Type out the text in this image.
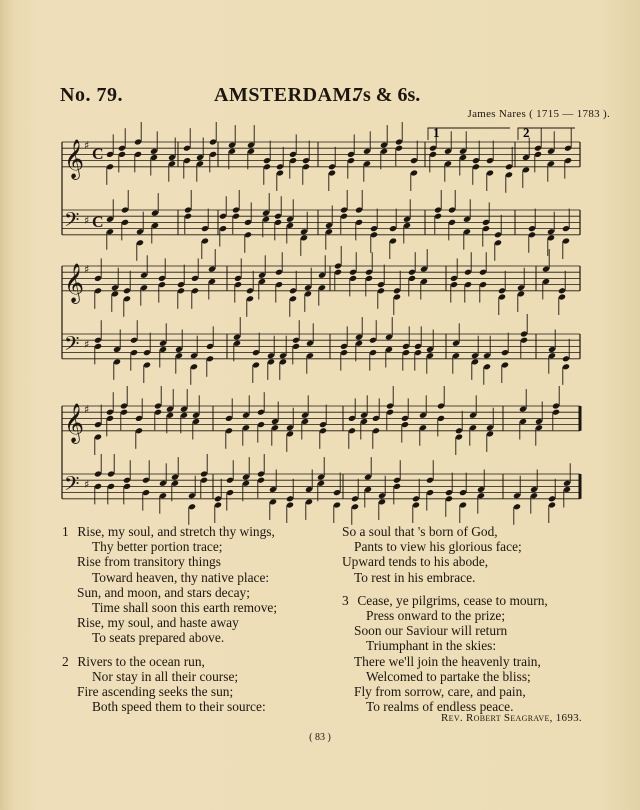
No. 79.	AMSTERDAM.
7s & 6s.
James Nares ( 1715 — 1783 ).
𝄞 ♯
C
𝄢 ♯ C
𝄞 ♯
𝄢 ♯
𝄞 ♯
𝄢 ♯
1	2
1 Rise, my soul, and stretch thy wings,
Thy better portion trace;
Rise from transitory things
Toward heaven, thy native place:
Sun, and moon, and stars decay;
Time shall soon this earth remove;
Rise, my soul, and haste away
To seats prepared above.
2 Rivers to the ocean run,
Nor stay in all their course;
Fire ascending seeks the sun;
Both speed them to their source:
So a soul that 's born of God,
Pants to view his glorious face;
Upward tends to his abode,
To rest in his embrace.
3 Cease, ye pilgrims, cease to mourn,
Press onward to the prize;
Soon our Saviour will return
Triumphant in the skies:
There we'll join the heavenly train,
Welcomed to partake the bliss;
Fly from sorrow, care, and pain,
To realms of endless peace.
Rev. Robert Seagrave, 1693.
( 83 )
